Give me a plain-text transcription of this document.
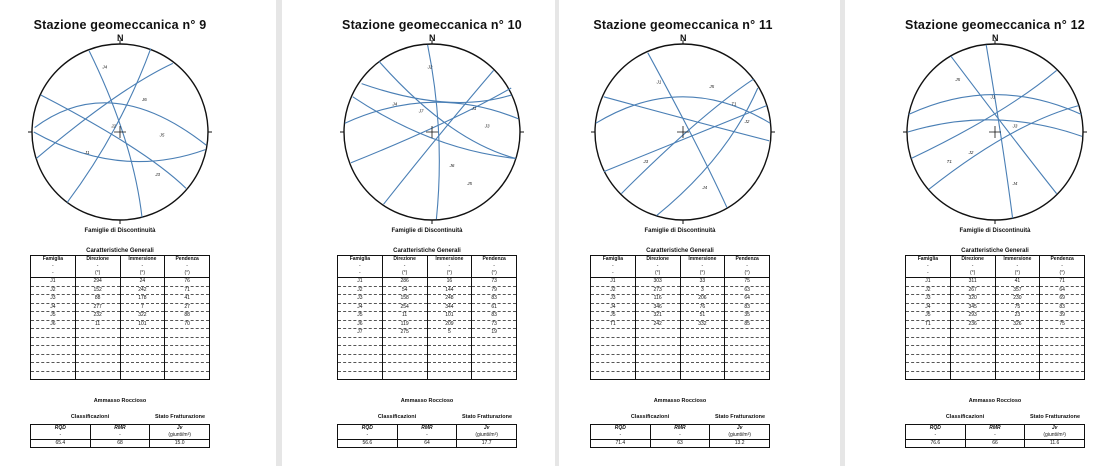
Stazione geomeccanica n° 9
N
J4
J6
J2
J5
J1
J3
Famiglie di Discontinuità
Caratteristiche Generali
Famiglia	Direzione	Immersione	Pendenza
-	-	-	-
-	(°)	(°)	(°)
J1	294	24	76
J2	152	242	71
J3	88	178	41
J4	277	7	27
J5	232	322	88
J6	11	101	70

Ammasso Roccioso
Classificazioni	Stato Fratturazione
RQD	RMR	Jv
-	-	(giunti/m³)
65.4	68	15.0
Stazione geomeccanica n° 10
N
J2
J4
J7
J1
J3
J6
J5
Famiglie di Discontinuità
Caratteristiche Generali
Famiglia	Direzione	Immersione	Pendenza
-	-	-	-
-	(°)	(°)	(°)
J1	286	16	73
J2	54	144	79
J3	158	248	83
J4	254	344	61
J5	11	101	83
J6	119	209	73
J7	275	5	19

Ammasso Roccioso
Classificazioni	Stato Fratturazione
RQD	RMR	Jv
-	-	(giunti/m³)
56.6	64	17.7
Stazione geomeccanica n° 11
N
J1
J5
T1
J2
J3
J4
Famiglie di Discontinuità
Caratteristiche Generali
Famiglia	Direzione	Immersione	Pendenza
-	-	-	-
-	(°)	(°)	(°)
J1	303	33	75
J2	273	3	63
J3	116	206	64
J4	346	76	83
J5	321	51	35
T1	242	332	85

Ammasso Roccioso
Classificazioni	Stato Fratturazione
RQD	RMR	Jv
-	-	(giunti/m³)
71.4	63	13.2
Stazione geomeccanica n° 12
N
J5
J1
J3
T1
J2
J4
Famiglie di Discontinuità
Caratteristiche Generali
Famiglia	Direzione	Immersione	Pendenza
-	-	-	-
-	(°)	(°)	(°)
J1	311	41	71
J2	267	357	64
J3	320	230	69
J4	345	75	83
J5	293	23	39
T1	236	326	75

Ammasso Roccioso
Classificazioni	Stato Fratturazione
RQD	RMR	Jv
-	-	(giunti/m³)
76.6	66	11.6
